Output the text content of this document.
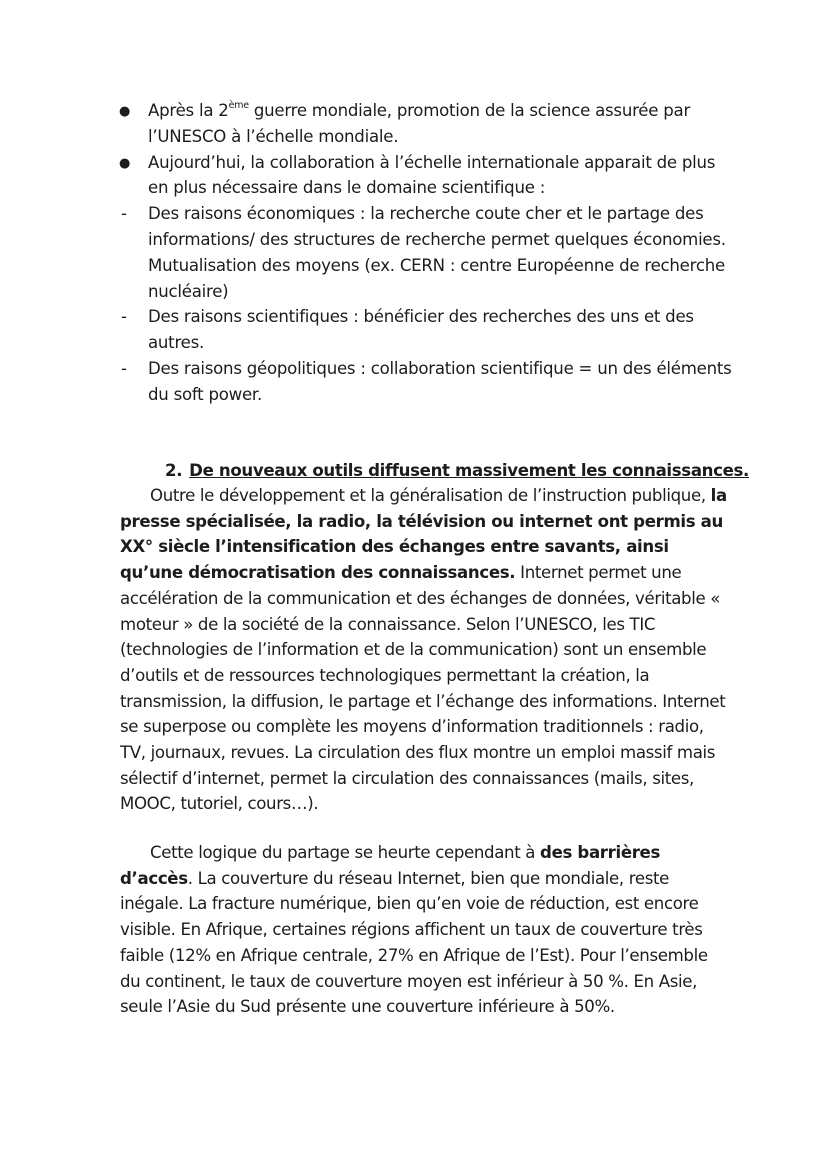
●	Après la 2ème guerre mondiale, promotion de la science assurée par l’UNESCO à l’échelle mondiale.

●	Aujourd’hui, la collaboration à l’échelle internationale apparait de plus en plus nécessaire dans le domaine scientifique :

-	Des raisons économiques : la recherche coute cher et le partage des informations/ des structures de recherche permet quelques économies. Mutualisation des moyens (ex. CERN : centre Européenne de recherche nucléaire)

-	Des raisons scientifiques : bénéficier des recherches des uns et des autres.

-	Des raisons géopolitiques : collaboration scientifique = un des éléments du soft power.

2. De nouveaux outils diffusent massivement les connaissances.

Outre le développement et la généralisation de l’instruction publique, la presse spécialisée, la radio, la télévision ou internet ont permis au XX° siècle l’intensification des échanges entre savants, ainsi qu’une démocratisation des connaissances. Internet permet une accélération de la communication et des échanges de données, véritable « moteur » de la société de la connaissance. Selon l’UNESCO, les TIC (technologies de l’information et de la communication) sont un ensemble d’outils et de ressources technologiques permettant la création, la transmission, la diffusion, le partage et l’échange des informations. Internet se superpose ou complète les moyens d’information traditionnels : radio, TV, journaux, revues. La circulation des flux montre un emploi massif mais sélectif d’internet, permet la circulation des connaissances (mails, sites, MOOC, tutoriel, cours…).

Cette logique du partage se heurte cependant à des barrières d’accès. La couverture du réseau Internet, bien que mondiale, reste inégale. La fracture numérique, bien qu’en voie de réduction, est encore visible. En Afrique, certaines régions affichent un taux de couverture très faible (12% en Afrique centrale, 27% en Afrique de l’Est). Pour l’ensemble du continent, le taux de couverture moyen est inférieur à 50 %. En Asie, seule l’Asie du Sud présente une couverture inférieure à 50%.
